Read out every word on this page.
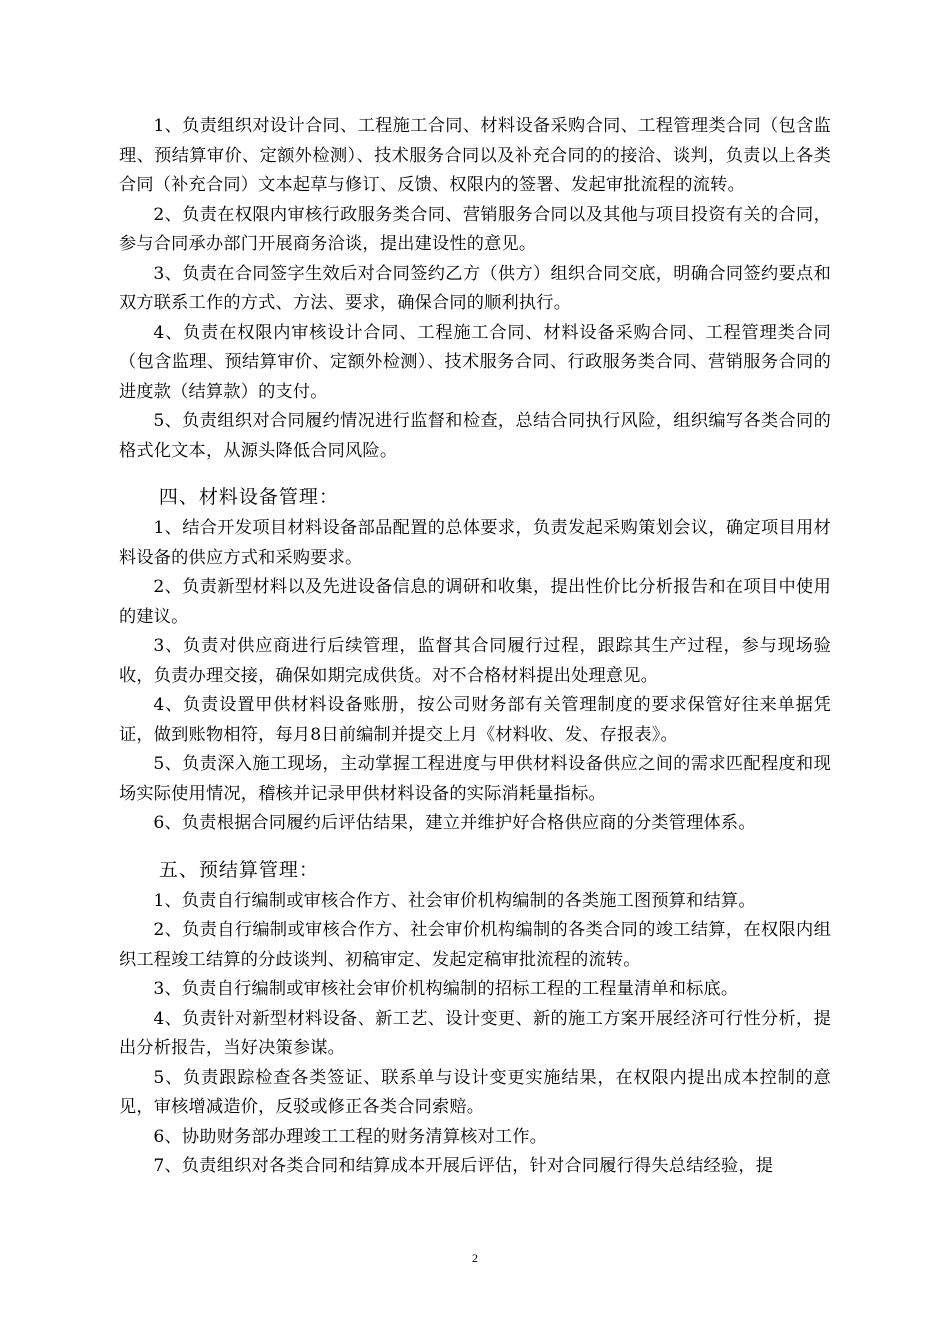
1、负责组织对设计合同、工程施工合同、材料设备采购合同、工程管理类合同（包含监理、预结算审价、定额外检测）、技术服务合同以及补充合同的的接洽、谈判，负责以上各类合同（补充合同）文本起草与修订、反馈、权限内的签署、发起审批流程的流转。

2、负责在权限内审核行政服务类合同、营销服务合同以及其他与项目投资有关的合同，参与合同承办部门开展商务洽谈，提出建设性的意见。

3、负责在合同签字生效后对合同签约乙方（供方）组织合同交底，明确合同签约要点和双方联系工作的方式、方法、要求，确保合同的顺利执行。

4、负责在权限内审核设计合同、工程施工合同、材料设备采购合同、工程管理类合同（包含监理、预结算审价、定额外检测）、技术服务合同、行政服务类合同、营销服务合同的进度款（结算款）的支付。

5、负责组织对合同履约情况进行监督和检查，总结合同执行风险，组织编写各类合同的格式化文本，从源头降低合同风险。

四、材料设备管理：

1、结合开发项目材料设备部品配置的总体要求，负责发起采购策划会议，确定项目用材料设备的供应方式和采购要求。

2、负责新型材料以及先进设备信息的调研和收集，提出性价比分析报告和在项目中使用的建议。

3、负责对供应商进行后续管理，监督其合同履行过程，跟踪其生产过程，参与现场验收，负责办理交接，确保如期完成供货。对不合格材料提出处理意见。

4、负责设置甲供材料设备账册，按公司财务部有关管理制度的要求保管好往来单据凭证，做到账物相符，每月8日前编制并提交上月《材料收、发、存报表》。

5、负责深入施工现场，主动掌握工程进度与甲供材料设备供应之间的需求匹配程度和现场实际使用情况，稽核并记录甲供材料设备的实际消耗量指标。

6、负责根据合同履约后评估结果，建立并维护好合格供应商的分类管理体系。

五、预结算管理：

1、负责自行编制或审核合作方、社会审价机构编制的各类施工图预算和结算。

2、负责自行编制或审核合作方、社会审价机构编制的各类合同的竣工结算，在权限内组织工程竣工结算的分歧谈判、初稿审定、发起定稿审批流程的流转。

3、负责自行编制或审核社会审价机构编制的招标工程的工程量清单和标底。

4、负责针对新型材料设备、新工艺、设计变更、新的施工方案开展经济可行性分析，提出分析报告，当好决策参谋。

5、负责跟踪检查各类签证、联系单与设计变更实施结果，在权限内提出成本控制的意见，审核增减造价，反驳或修正各类合同索赔。

6、协助财务部办理竣工工程的财务清算核对工作。

7、负责组织对各类合同和结算成本开展后评估，针对合同履行得失总结经验，提

2
